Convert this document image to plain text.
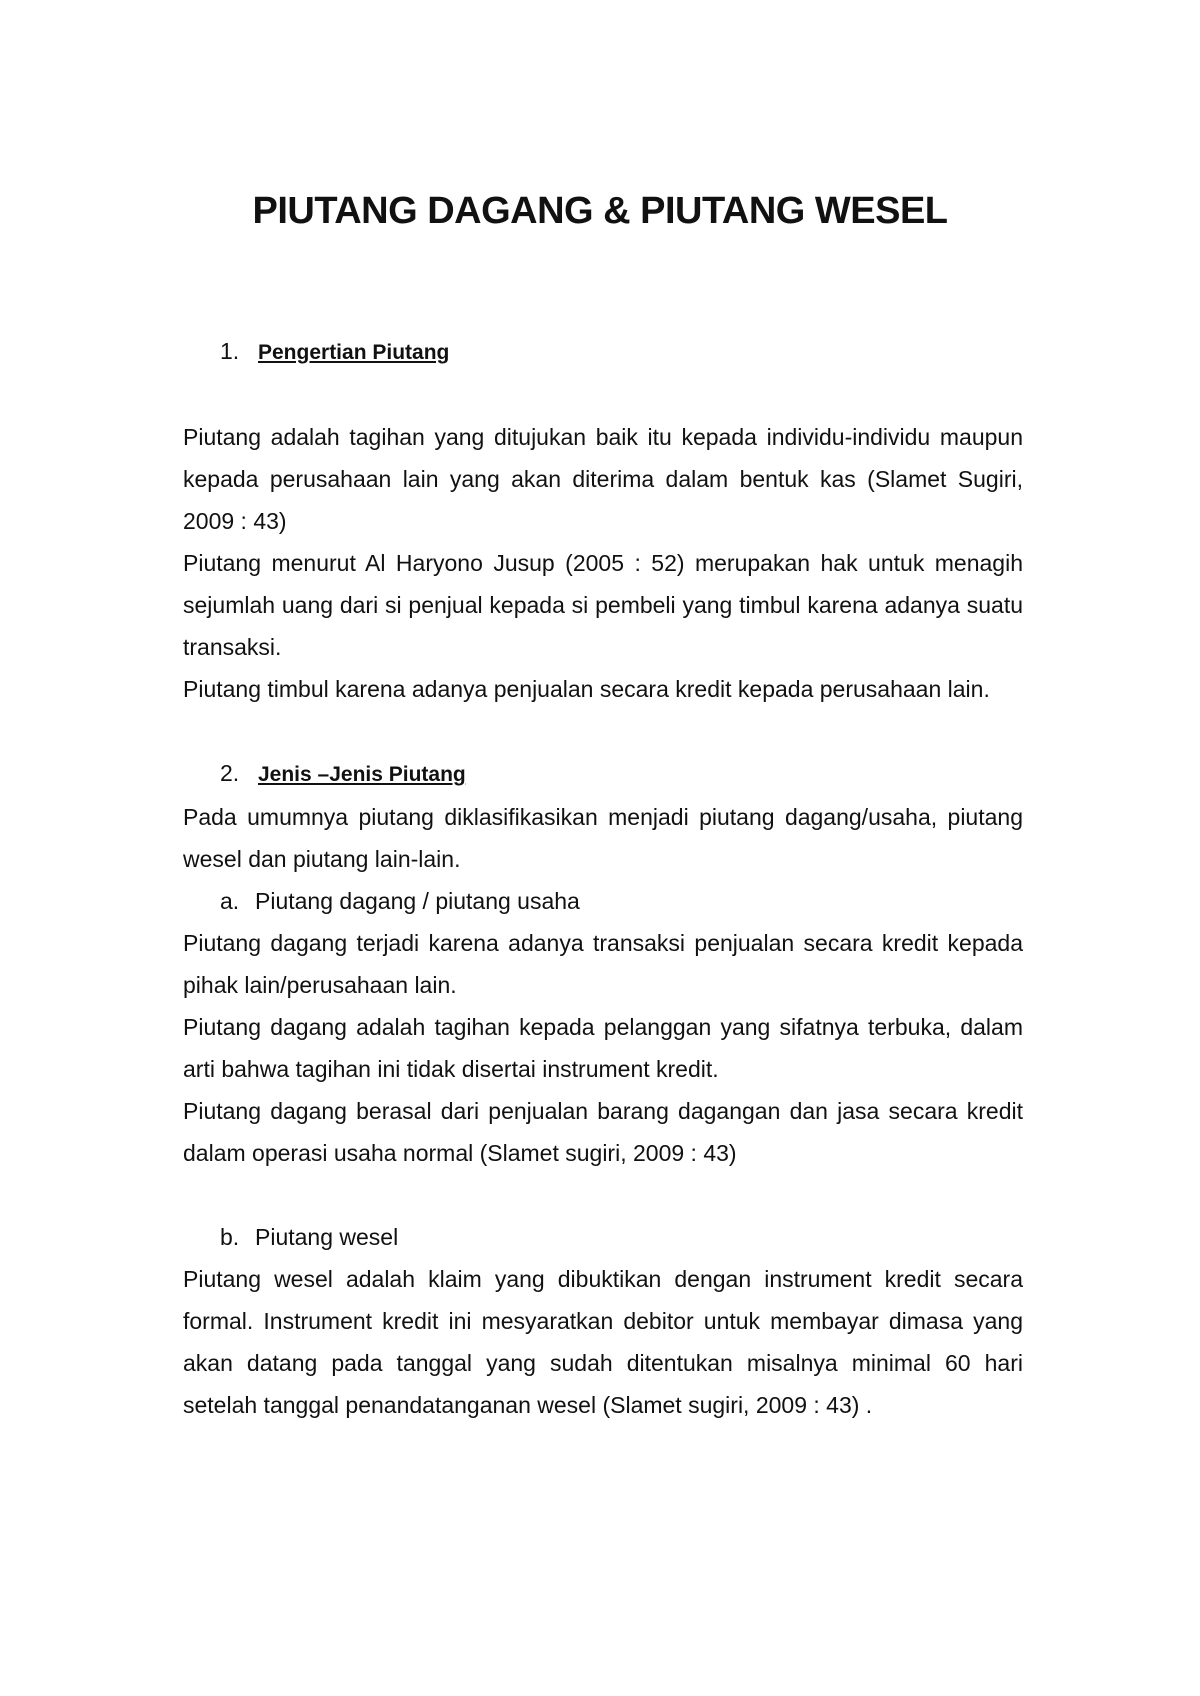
PIUTANG DAGANG & PIUTANG WESEL

1. Pengertian Piutang

Piutang adalah tagihan yang ditujukan baik itu kepada individu-individu maupun kepada perusahaan lain yang akan diterima dalam bentuk kas (Slamet Sugiri, 2009 : 43)

Piutang menurut Al Haryono Jusup (2005 : 52) merupakan hak untuk menagih sejumlah uang dari si penjual kepada si pembeli yang timbul karena adanya suatu transaksi.

Piutang timbul karena adanya penjualan secara kredit kepada perusahaan lain.

2. Jenis –Jenis Piutang

Pada umumnya piutang diklasifikasikan menjadi piutang dagang/usaha, piutang wesel dan piutang lain-lain.

a. Piutang dagang / piutang usaha

Piutang dagang terjadi karena adanya transaksi penjualan secara kredit kepada pihak lain/perusahaan lain.

Piutang dagang adalah tagihan kepada pelanggan yang sifatnya terbuka, dalam arti bahwa tagihan ini tidak disertai instrument kredit.

Piutang dagang berasal dari penjualan barang dagangan dan jasa secara kredit dalam operasi usaha normal (Slamet sugiri, 2009 : 43)

b. Piutang wesel

Piutang wesel adalah klaim yang dibuktikan dengan instrument kredit secara formal. Instrument kredit ini mesyaratkan debitor untuk membayar dimasa yang akan datang pada tanggal yang sudah ditentukan misalnya minimal 60 hari setelah tanggal penandatanganan wesel (Slamet sugiri, 2009 : 43) .
